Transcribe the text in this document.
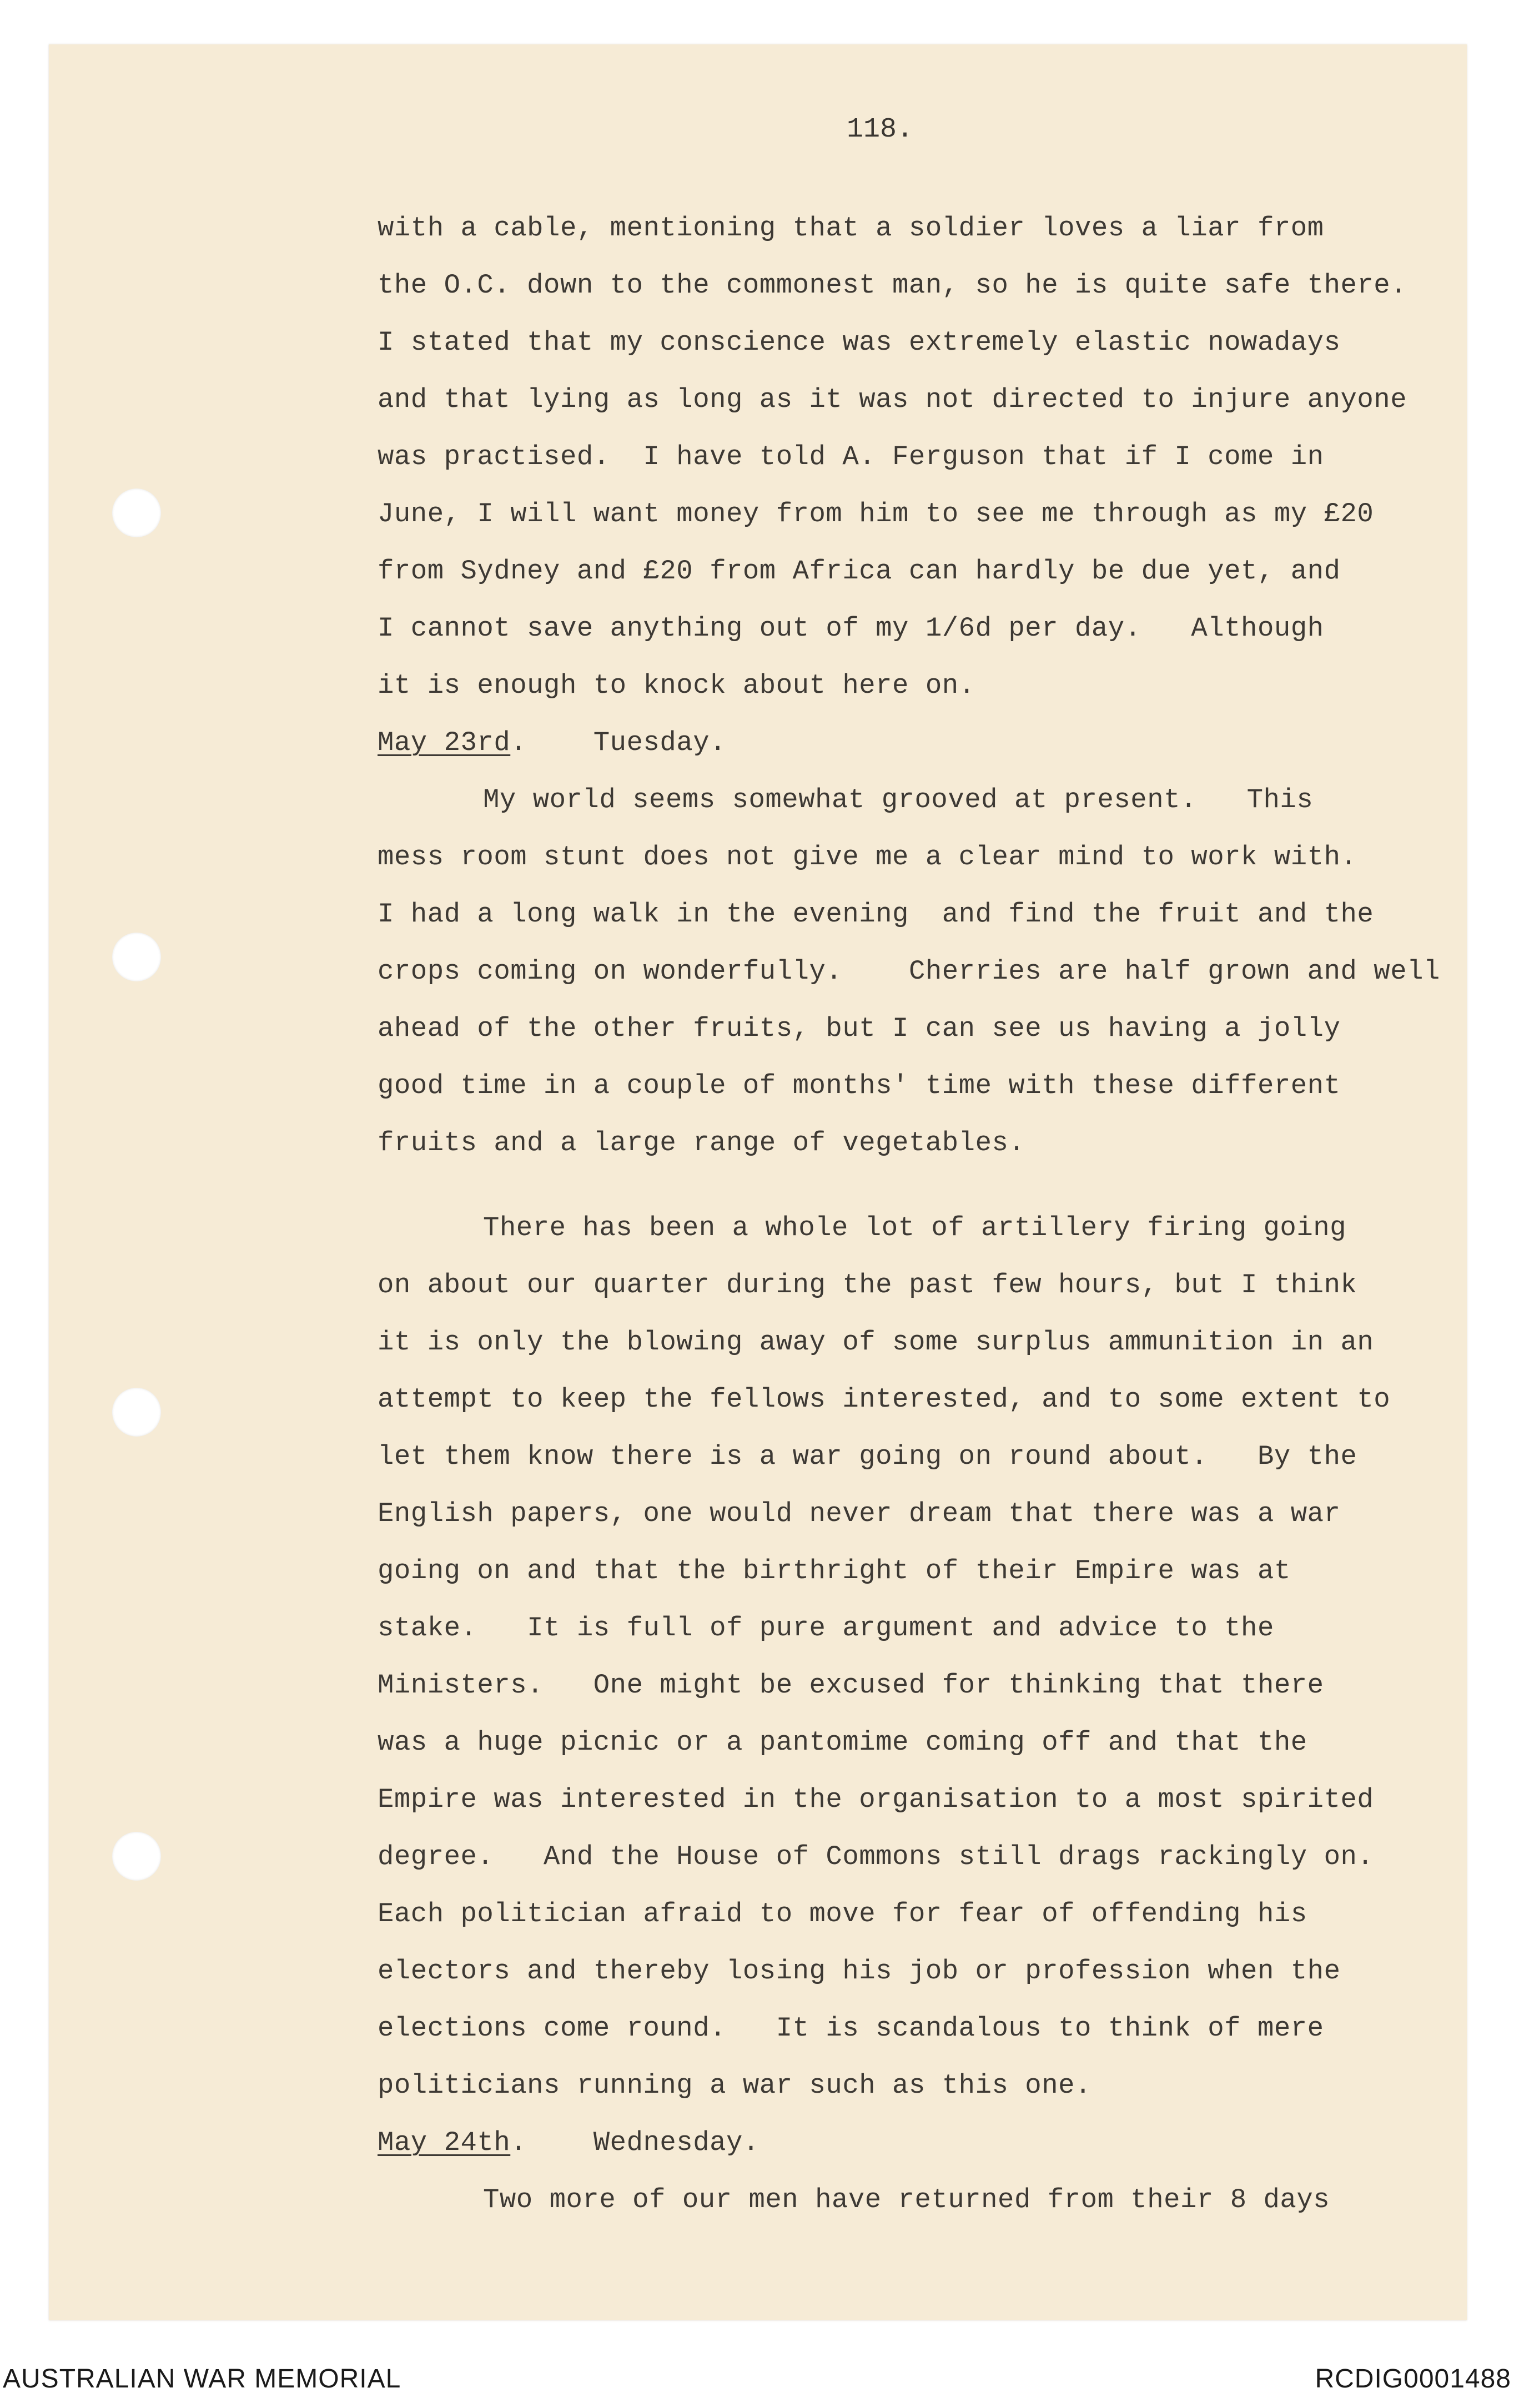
118.
with a cable, mentioning that a soldier loves a liar from
the O.C. down to the commonest man, so he is quite safe there.
I stated that my conscience was extremely elastic nowadays
and that lying as long as it was not directed to injure anyone
was practised.  I have told A. Ferguson that if I come in
June, I will want money from him to see me through as my £20
from Sydney and £20 from Africa can hardly be due yet, and
I cannot save anything out of my 1/6d per day.   Although
it is enough to knock about here on.
May 23rd.    Tuesday.
My world seems somewhat grooved at present.   This
mess room stunt does not give me a clear mind to work with.
I had a long walk in the evening  and find the fruit and the
crops coming on wonderfully.    Cherries are half grown and well
ahead of the other fruits, but I can see us having a jolly
good time in a couple of months' time with these different
fruits and a large range of vegetables.
There has been a whole lot of artillery firing going
on about our quarter during the past few hours, but I think
it is only the blowing away of some surplus ammunition in an
attempt to keep the fellows interested, and to some extent to
let them know there is a war going on round about.   By the
English papers, one would never dream that there was a war
going on and that the birthright of their Empire was at
stake.   It is full of pure argument and advice to the
Ministers.   One might be excused for thinking that there
was a huge picnic or a pantomime coming off and that the
Empire was interested in the organisation to a most spirited
degree.   And the House of Commons still drags rackingly on.
Each politician afraid to move for fear of offending his
electors and thereby losing his job or profession when the
elections come round.   It is scandalous to think of mere
politicians running a war such as this one.
May 24th.    Wednesday.
Two more of our men have returned from their 8 days
AUSTRALIAN WAR MEMORIAL	RCDIG0001488
